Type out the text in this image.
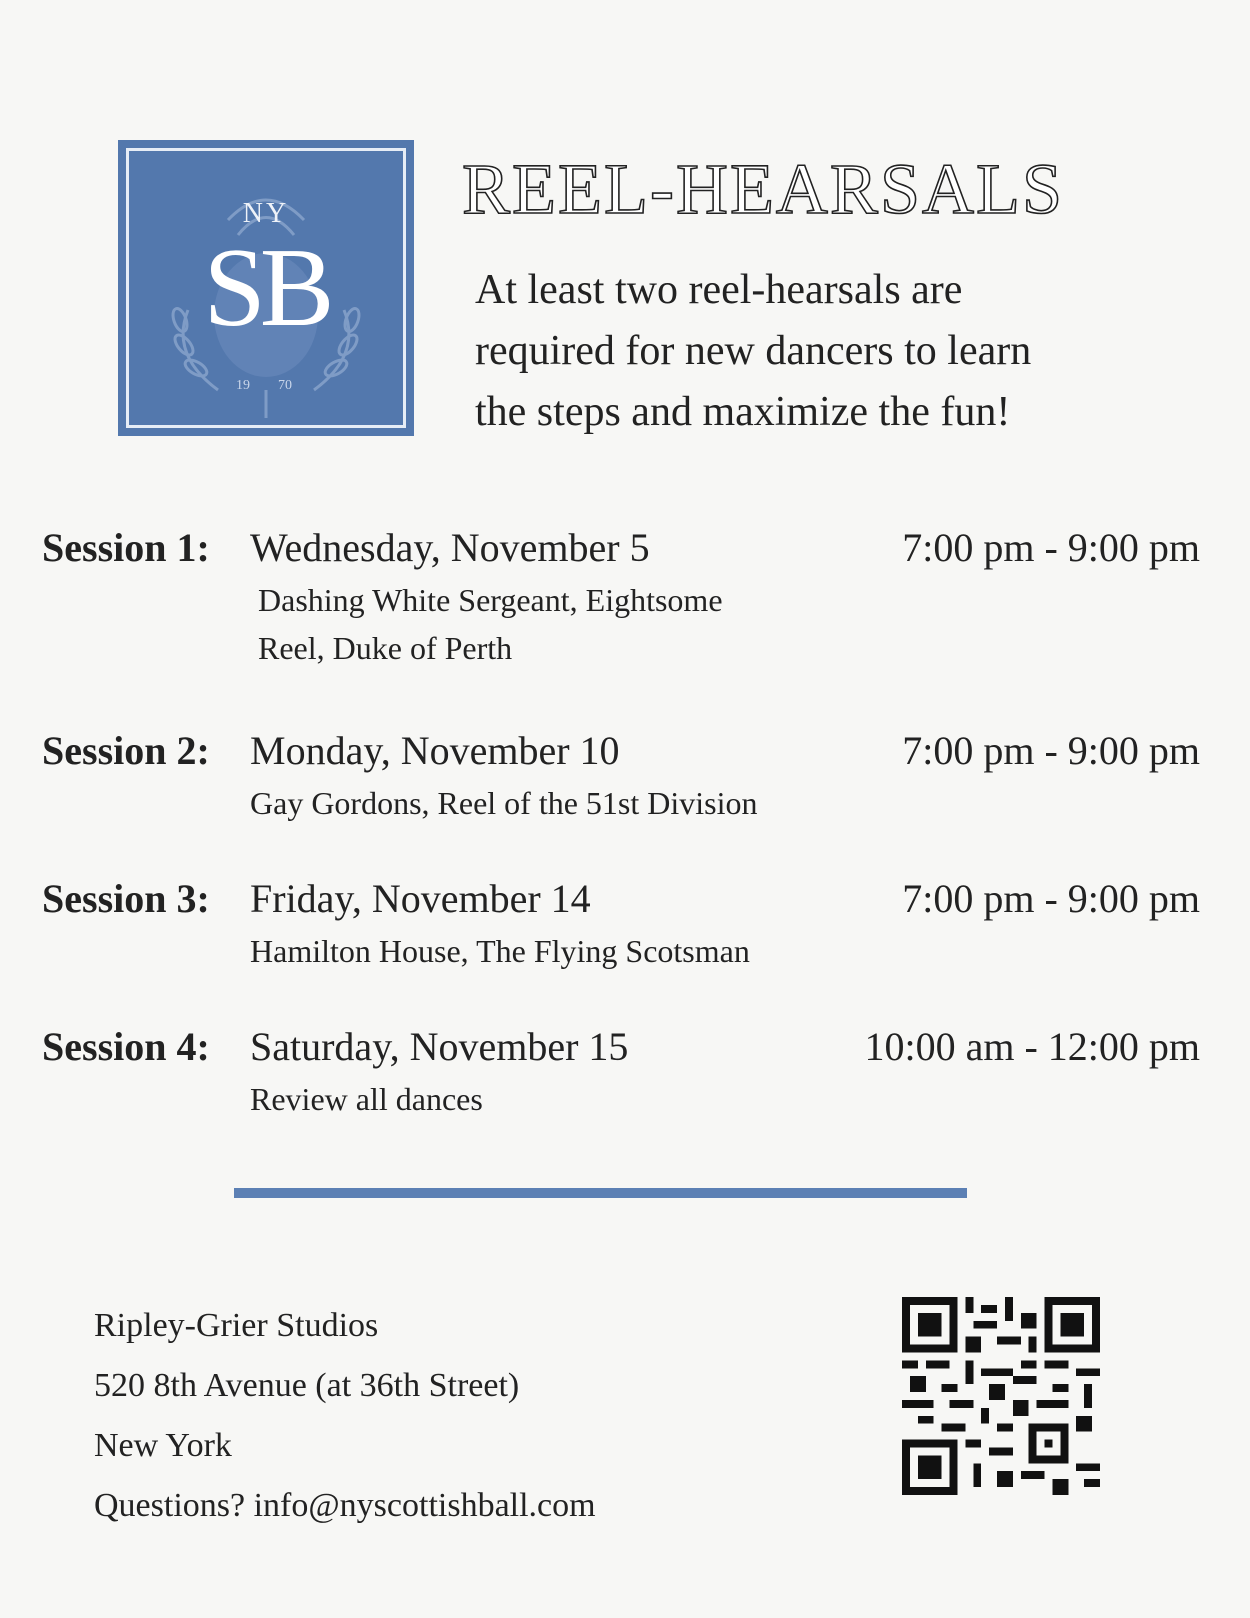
NY
SB
19 70
REEL-HEARSALS
At least two reel-hearsals are
required for new dancers to learn
the steps and maximize the fun!
Session 1: Wednesday, November 5	7:00 pm - 9:00 pm
Dashing White Sergeant, Eightsome
Reel, Duke of Perth
Session 2: Monday, November 10	7:00 pm - 9:00 pm
Gay Gordons, Reel of the 51st Division
Session 3: Friday, November 14	7:00 pm - 9:00 pm
Hamilton House, The Flying Scotsman
Session 4: Saturday, November 15	10:00 am - 12:00 pm
Review all dances
Ripley-Grier Studios
520 8th Avenue (at 36th Street)
New York
Questions? info@nyscottishball.com
